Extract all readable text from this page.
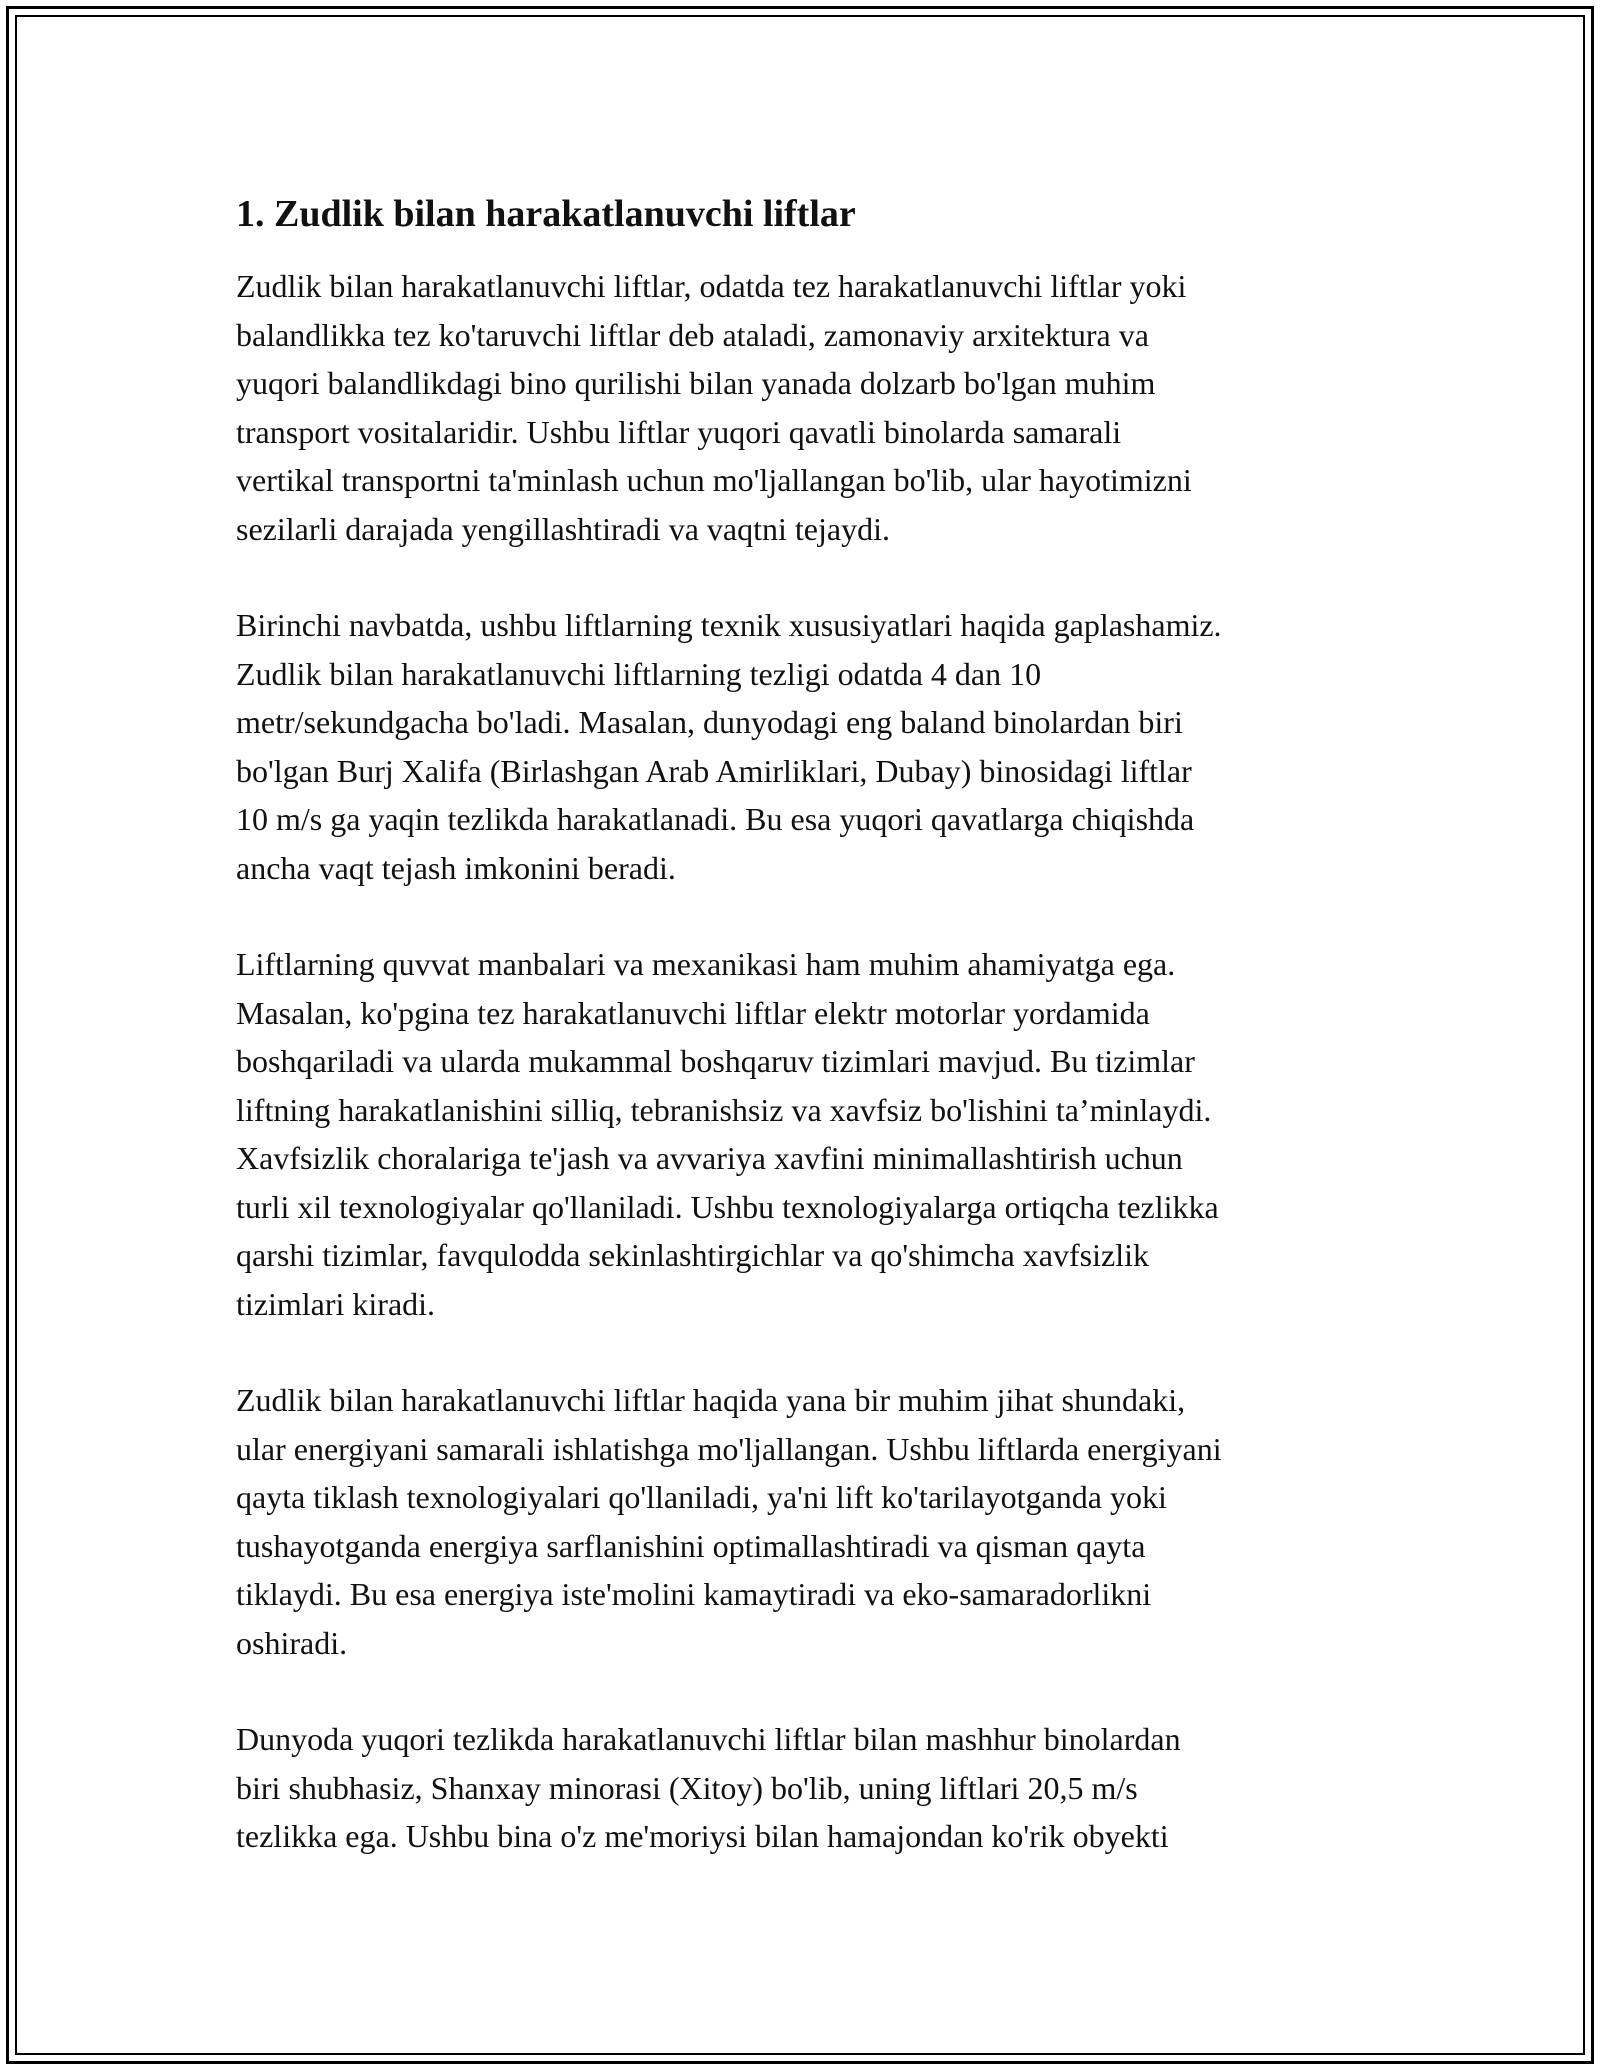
1. Zudlik bilan harakatlanuvchi liftlar

Zudlik bilan harakatlanuvchi liftlar, odatda tez harakatlanuvchi liftlar yoki
balandlikka tez ko'taruvchi liftlar deb ataladi, zamonaviy arxitektura va
yuqori balandlikdagi bino qurilishi bilan yanada dolzarb bo'lgan muhim
transport vositalaridir. Ushbu liftlar yuqori qavatli binolarda samarali
vertikal transportni ta'minlash uchun mo'ljallangan bo'lib, ular hayotimizni
sezilarli darajada yengillashtiradi va vaqtni tejaydi.

Birinchi navbatda, ushbu liftlarning texnik xususiyatlari haqida gaplashamiz.
Zudlik bilan harakatlanuvchi liftlarning tezligi odatda 4 dan 10
metr/sekundgacha bo'ladi. Masalan, dunyodagi eng baland binolardan biri
bo'lgan Burj Xalifa (Birlashgan Arab Amirliklari, Dubay) binosidagi liftlar
10 m/s ga yaqin tezlikda harakatlanadi. Bu esa yuqori qavatlarga chiqishda
ancha vaqt tejash imkonini beradi.

Liftlarning quvvat manbalari va mexanikasi ham muhim ahamiyatga ega.
Masalan, ko'pgina tez harakatlanuvchi liftlar elektr motorlar yordamida
boshqariladi va ularda mukammal boshqaruv tizimlari mavjud. Bu tizimlar
liftning harakatlanishini silliq, tebranishsiz va xavfsiz bo'lishini ta’minlaydi.
Xavfsizlik choralariga te'jash va avvariya xavfini minimallashtirish uchun
turli xil texnologiyalar qo'llaniladi. Ushbu texnologiyalarga ortiqcha tezlikka
qarshi tizimlar, favqulodda sekinlashtirgichlar va qo'shimcha xavfsizlik
tizimlari kiradi.

Zudlik bilan harakatlanuvchi liftlar haqida yana bir muhim jihat shundaki,
ular energiyani samarali ishlatishga mo'ljallangan. Ushbu liftlarda energiyani
qayta tiklash texnologiyalari qo'llaniladi, ya'ni lift ko'tarilayotganda yoki
tushayotganda energiya sarflanishini optimallashtiradi va qisman qayta
tiklaydi. Bu esa energiya iste'molini kamaytiradi va eko-samaradorlikni
oshiradi.

Dunyoda yuqori tezlikda harakatlanuvchi liftlar bilan mashhur binolardan
biri shubhasiz, Shanxay minorasi (Xitoy) bo'lib, uning liftlari 20,5 m/s
tezlikka ega. Ushbu bina o'z me'moriysi bilan hamajondan ko'rik obyekti
